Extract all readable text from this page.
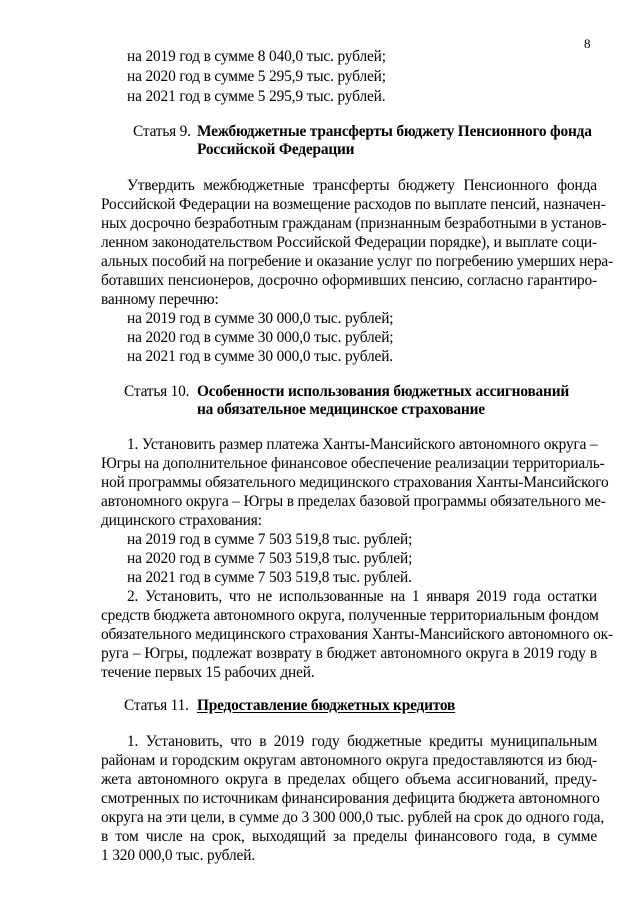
8
на 2019 год в сумме 8 040,0 тыс. рублей;
на 2020 год в сумме 5 295,9 тыс. рублей;
на 2021 год в сумме 5 295,9 тыс. рублей.
Статья 9. Межбюджетные трансферты бюджету Пенсионного фонда
Российской Федерации
Утвердить межбюджетные трансферты бюджету Пенсионного фонда
Российской Федерации на возмещение расходов по выплате пенсий, назначен-
ных досрочно безработным гражданам (признанным безработными в установ-
ленном законодательством Российской Федерации порядке), и выплате соци-
альных пособий на погребение и оказание услуг по погребению умерших нера-
ботавших пенсионеров, досрочно оформивших пенсию, согласно гарантиро-
ванному перечню:
на 2019 год в сумме 30 000,0 тыс. рублей;
на 2020 год в сумме 30 000,0 тыс. рублей;
на 2021 год в сумме 30 000,0 тыс. рублей.
Статья 10. Особенности использования бюджетных ассигнований
на обязательное медицинское страхование
1. Установить размер платежа Ханты-Мансийского автономного округа –
Югры на дополнительное финансовое обеспечение реализации территориаль-
ной программы обязательного медицинского страхования Ханты-Мансийского
автономного округа – Югры в пределах базовой программы обязательного ме-
дицинского страхования:
на 2019 год в сумме 7 503 519,8 тыс. рублей;
на 2020 год в сумме 7 503 519,8 тыс. рублей;
на 2021 год в сумме 7 503 519,8 тыс. рублей.
2. Установить, что не использованные на 1 января 2019 года остатки
средств бюджета автономного округа, полученные территориальным фондом
обязательного медицинского страхования Ханты-Мансийского автономного ок-
руга – Югры, подлежат возврату в бюджет автономного округа в 2019 году в
течение первых 15 рабочих дней.
Статья 11. Предоставление бюджетных кредитов
1. Установить, что в 2019 году бюджетные кредиты муниципальным
районам и городским округам автономного округа предоставляются из бюд-
жета автономного округа в пределах общего объема ассигнований, преду-
смотренных по источникам финансирования дефицита бюджета автономного
округа на эти цели, в сумме до 3 300 000,0 тыс. рублей на срок до одного года,
в том числе на срок, выходящий за пределы финансового года, в сумме
1 320 000,0 тыс. рублей.
